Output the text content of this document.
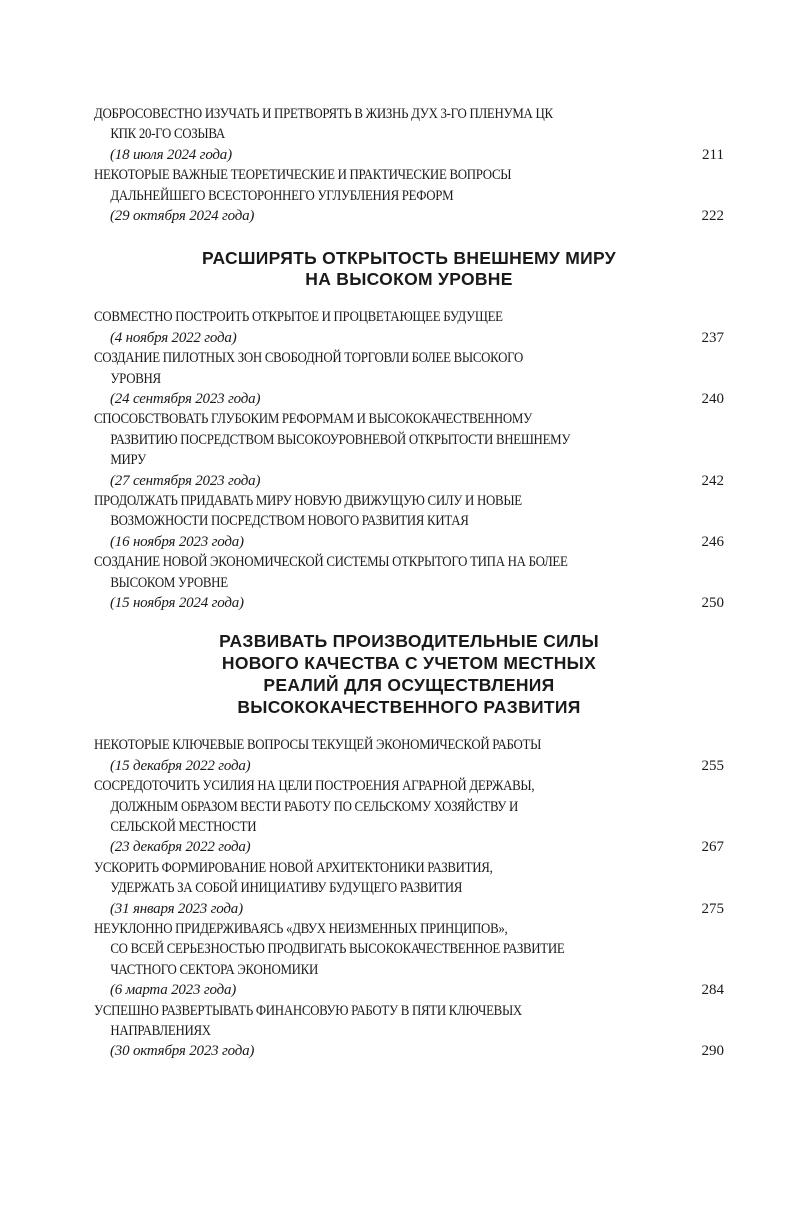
ДОБРОСОВЕСТНО ИЗУЧАТЬ И ПРЕТВОРЯТЬ В ЖИЗНЬ ДУХ 3-ГО ПЛЕНУМА ЦК
КПК 20-ГО СОЗЫВА
(18 июля 2024 года)	211
НЕКОТОРЫЕ ВАЖНЫЕ ТЕОРЕТИЧЕСКИЕ И ПРАКТИЧЕСКИЕ ВОПРОСЫ
ДАЛЬНЕЙШЕГО ВСЕСТОРОННЕГО УГЛУБЛЕНИЯ РЕФОРМ
(29 октября 2024 года)	222
РАСШИРЯТЬ ОТКРЫТОСТЬ ВНЕШНЕМУ МИРУ
НА ВЫСОКОМ УРОВНЕ
СОВМЕСТНО ПОСТРОИТЬ ОТКРЫТОЕ И ПРОЦВЕТАЮЩЕЕ БУДУЩЕЕ
(4 ноября 2022 года)	237
СОЗДАНИЕ ПИЛОТНЫХ ЗОН СВОБОДНОЙ ТОРГОВЛИ БОЛЕЕ ВЫСОКОГО
УРОВНЯ
(24 сентября 2023 года)	240
СПОСОБСТВОВАТЬ ГЛУБОКИМ РЕФОРМАМ И ВЫСОКОКАЧЕСТВЕННОМУ
РАЗВИТИЮ ПОСРЕДСТВОМ ВЫСОКОУРОВНЕВОЙ ОТКРЫТОСТИ ВНЕШНЕМУ
МИРУ
(27 сентября 2023 года)	242
ПРОДОЛЖАТЬ ПРИДАВАТЬ МИРУ НОВУЮ ДВИЖУЩУЮ СИЛУ И НОВЫЕ
ВОЗМОЖНОСТИ ПОСРЕДСТВОМ НОВОГО РАЗВИТИЯ КИТАЯ
(16 ноября 2023 года)	246
СОЗДАНИЕ НОВОЙ ЭКОНОМИЧЕСКОЙ СИСТЕМЫ ОТКРЫТОГО ТИПА НА БОЛЕЕ
ВЫСОКОМ УРОВНЕ
(15 ноября 2024 года)	250
РАЗВИВАТЬ ПРОИЗВОДИТЕЛЬНЫЕ СИЛЫ
НОВОГО КАЧЕСТВА С УЧЕТОМ МЕСТНЫХ
РЕАЛИЙ ДЛЯ ОСУЩЕСТВЛЕНИЯ
ВЫСОКОКАЧЕСТВЕННОГО РАЗВИТИЯ
НЕКОТОРЫЕ КЛЮЧЕВЫЕ ВОПРОСЫ ТЕКУЩЕЙ ЭКОНОМИЧЕСКОЙ РАБОТЫ
(15 декабря 2022 года)	255
СОСРЕДОТОЧИТЬ УСИЛИЯ НА ЦЕЛИ ПОСТРОЕНИЯ АГРАРНОЙ ДЕРЖАВЫ,
ДОЛЖНЫМ ОБРАЗОМ ВЕСТИ РАБОТУ ПО СЕЛЬСКОМУ ХОЗЯЙСТВУ И
СЕЛЬСКОЙ МЕСТНОСТИ
(23 декабря 2022 года)	267
УСКОРИТЬ ФОРМИРОВАНИЕ НОВОЙ АРХИТЕКТОНИКИ РАЗВИТИЯ,
УДЕРЖАТЬ ЗА СОБОЙ ИНИЦИАТИВУ БУДУЩЕГО РАЗВИТИЯ
(31 января 2023 года)	275
НЕУКЛОННО ПРИДЕРЖИВАЯСЬ «ДВУХ НЕИЗМЕННЫХ ПРИНЦИПОВ»,
СО ВСЕЙ СЕРЬЕЗНОСТЬЮ ПРОДВИГАТЬ ВЫСОКОКАЧЕСТВЕННОЕ РАЗВИТИЕ
ЧАСТНОГО СЕКТОРА ЭКОНОМИКИ
(6 марта 2023 года)	284
УСПЕШНО РАЗВЕРТЫВАТЬ ФИНАНСОВУЮ РАБОТУ В ПЯТИ КЛЮЧЕВЫХ
НАПРАВЛЕНИЯХ
(30 октября 2023 года)	290
